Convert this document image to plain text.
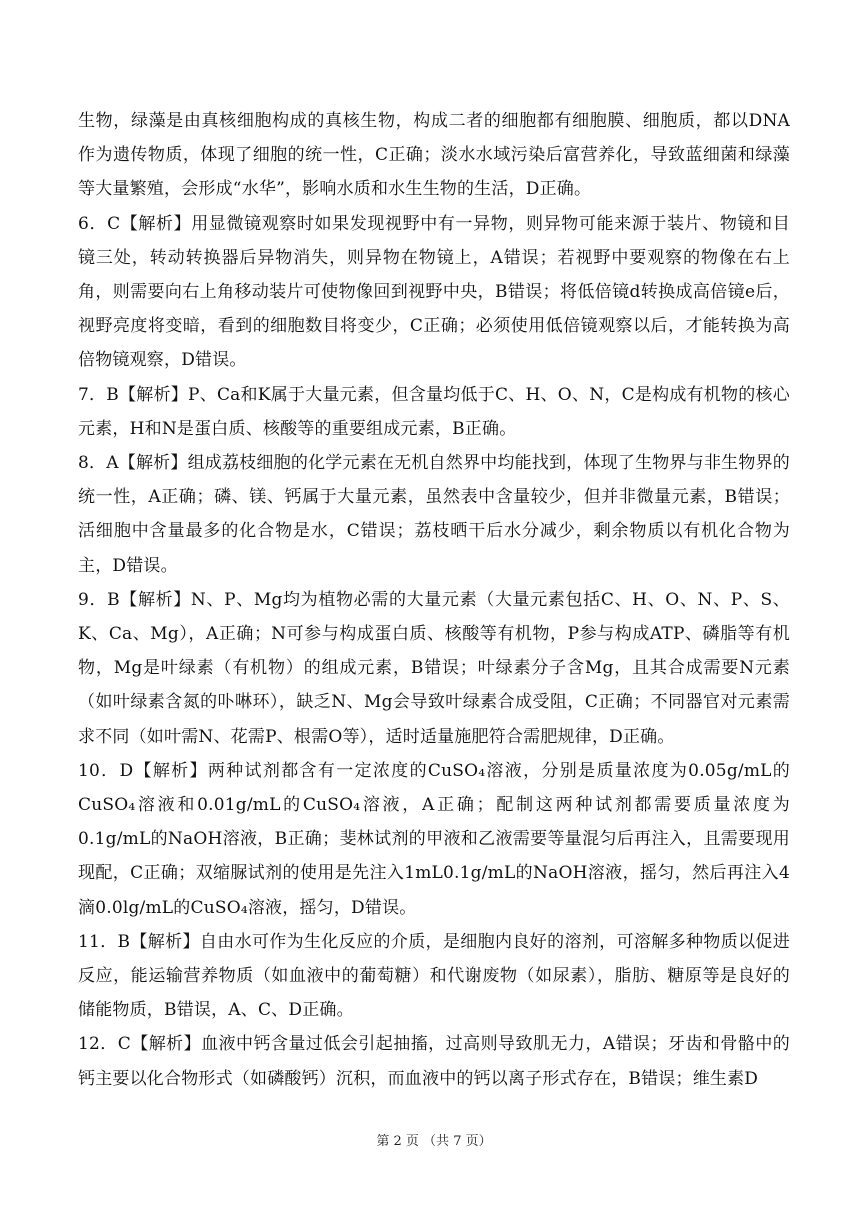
生物，绿藻是由真核细胞构成的真核生物，构成二者的细胞都有细胞膜、细胞质，都以DNA作为遗传物质，体现了细胞的统一性，C正确；淡水水域污染后富营养化，导致蓝细菌和绿藻等大量繁殖，会形成“水华”，影响水质和水生生物的生活，D正确。

6．C【解析】用显微镜观察时如果发现视野中有一异物，则异物可能来源于装片、物镜和目镜三处，转动转换器后异物消失，则异物在物镜上，A错误；若视野中要观察的物像在右上角，则需要向右上角移动装片可使物像回到视野中央，B错误；将低倍镜d转换成高倍镜e后，视野亮度将变暗，看到的细胞数目将变少，C正确；必须使用低倍镜观察以后，才能转换为高倍物镜观察，D错误。

7．B【解析】P、Ca和K属于大量元素，但含量均低于C、H、O、N，C是构成有机物的核心元素，H和N是蛋白质、核酸等的重要组成元素，B正确。

8．A【解析】组成荔枝细胞的化学元素在无机自然界中均能找到，体现了生物界与非生物界的统一性，A正确；磷、镁、钙属于大量元素，虽然表中含量较少，但并非微量元素，B错误；活细胞中含量最多的化合物是水，C错误；荔枝晒干后水分减少，剩余物质以有机化合物为主，D错误。

9．B【解析】N、P、Mg均为植物必需的大量元素（大量元素包括C、H、O、N、P、S、K、Ca、Mg），A正确；N可参与构成蛋白质、核酸等有机物，P参与构成ATP、磷脂等有机物，Mg是叶绿素（有机物）的组成元素，B错误；叶绿素分子含Mg，且其合成需要N元素（如叶绿素含氮的卟啉环），缺乏N、Mg会导致叶绿素合成受阻，C正确；不同器官对元素需求不同（如叶需N、花需P、根需O等），适时适量施肥符合需肥规律，D正确。

10．D【解析】两种试剂都含有一定浓度的CuSO₄溶液，分别是质量浓度为0.05g/mL的CuSO₄溶液和0.01g/mL的CuSO₄溶液，A正确；配制这两种试剂都需要质量浓度为0.1g/mL的NaOH溶液，B正确；斐林试剂的甲液和乙液需要等量混匀后再注入，且需要现用现配，C正确；双缩脲试剂的使用是先注入1mL0.1g/mL的NaOH溶液，摇匀，然后再注入4滴0.0lg/mL的CuSO₄溶液，摇匀，D错误。

11．B【解析】自由水可作为生化反应的介质，是细胞内良好的溶剂，可溶解多种物质以促进反应，能运输营养物质（如血液中的葡萄糖）和代谢废物（如尿素），脂肪、糖原等是良好的储能物质，B错误，A、C、D正确。

12．C【解析】血液中钙含量过低会引起抽搐，过高则导致肌无力，A错误；牙齿和骨骼中的钙主要以化合物形式（如磷酸钙）沉积，而血液中的钙以离子形式存在，B错误；维生素D

第 2 页 （共 7 页）
